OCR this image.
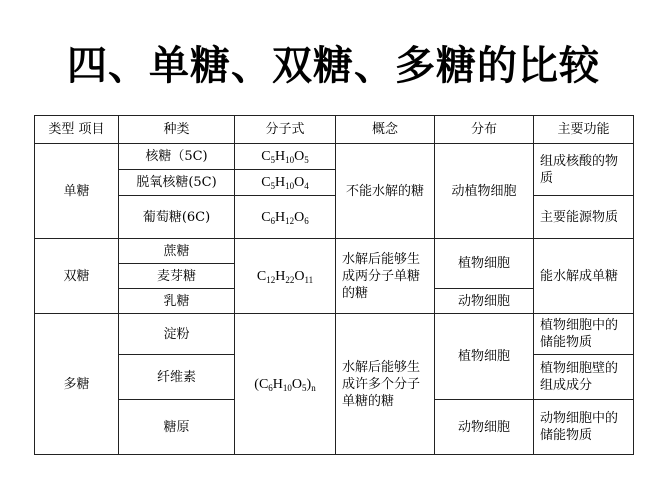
四、单糖、双糖、多糖的比较
类型 项目	种类	分子式	概念	分布	主要功能
单糖	核糖（5C)	$C_5H_{10}O_5$	不能水解的糖	动植物细胞	组成核酸的物质
	脱氧核糖(5C)	$C_5H_{10}O_4$
	葡萄糖(6C)	$C_6H_{12}O_6$			主要能源物质
双糖	蔗糖	$C_{12}H_{22}O_{11}$	水解后能够生成两分子单糖的糖	植物细胞	能水解成单糖
	麦芽糖				
	乳糖			动物细胞	
多糖	淀粉	$(C_6H_{10}O_5)_n$	水解后能够生成许多个分子单糖的糖	植物细胞	植物细胞中的储能物质
	纤维素				植物细胞壁的组成成分
	糖原			动物细胞	动物细胞中的储能物质
